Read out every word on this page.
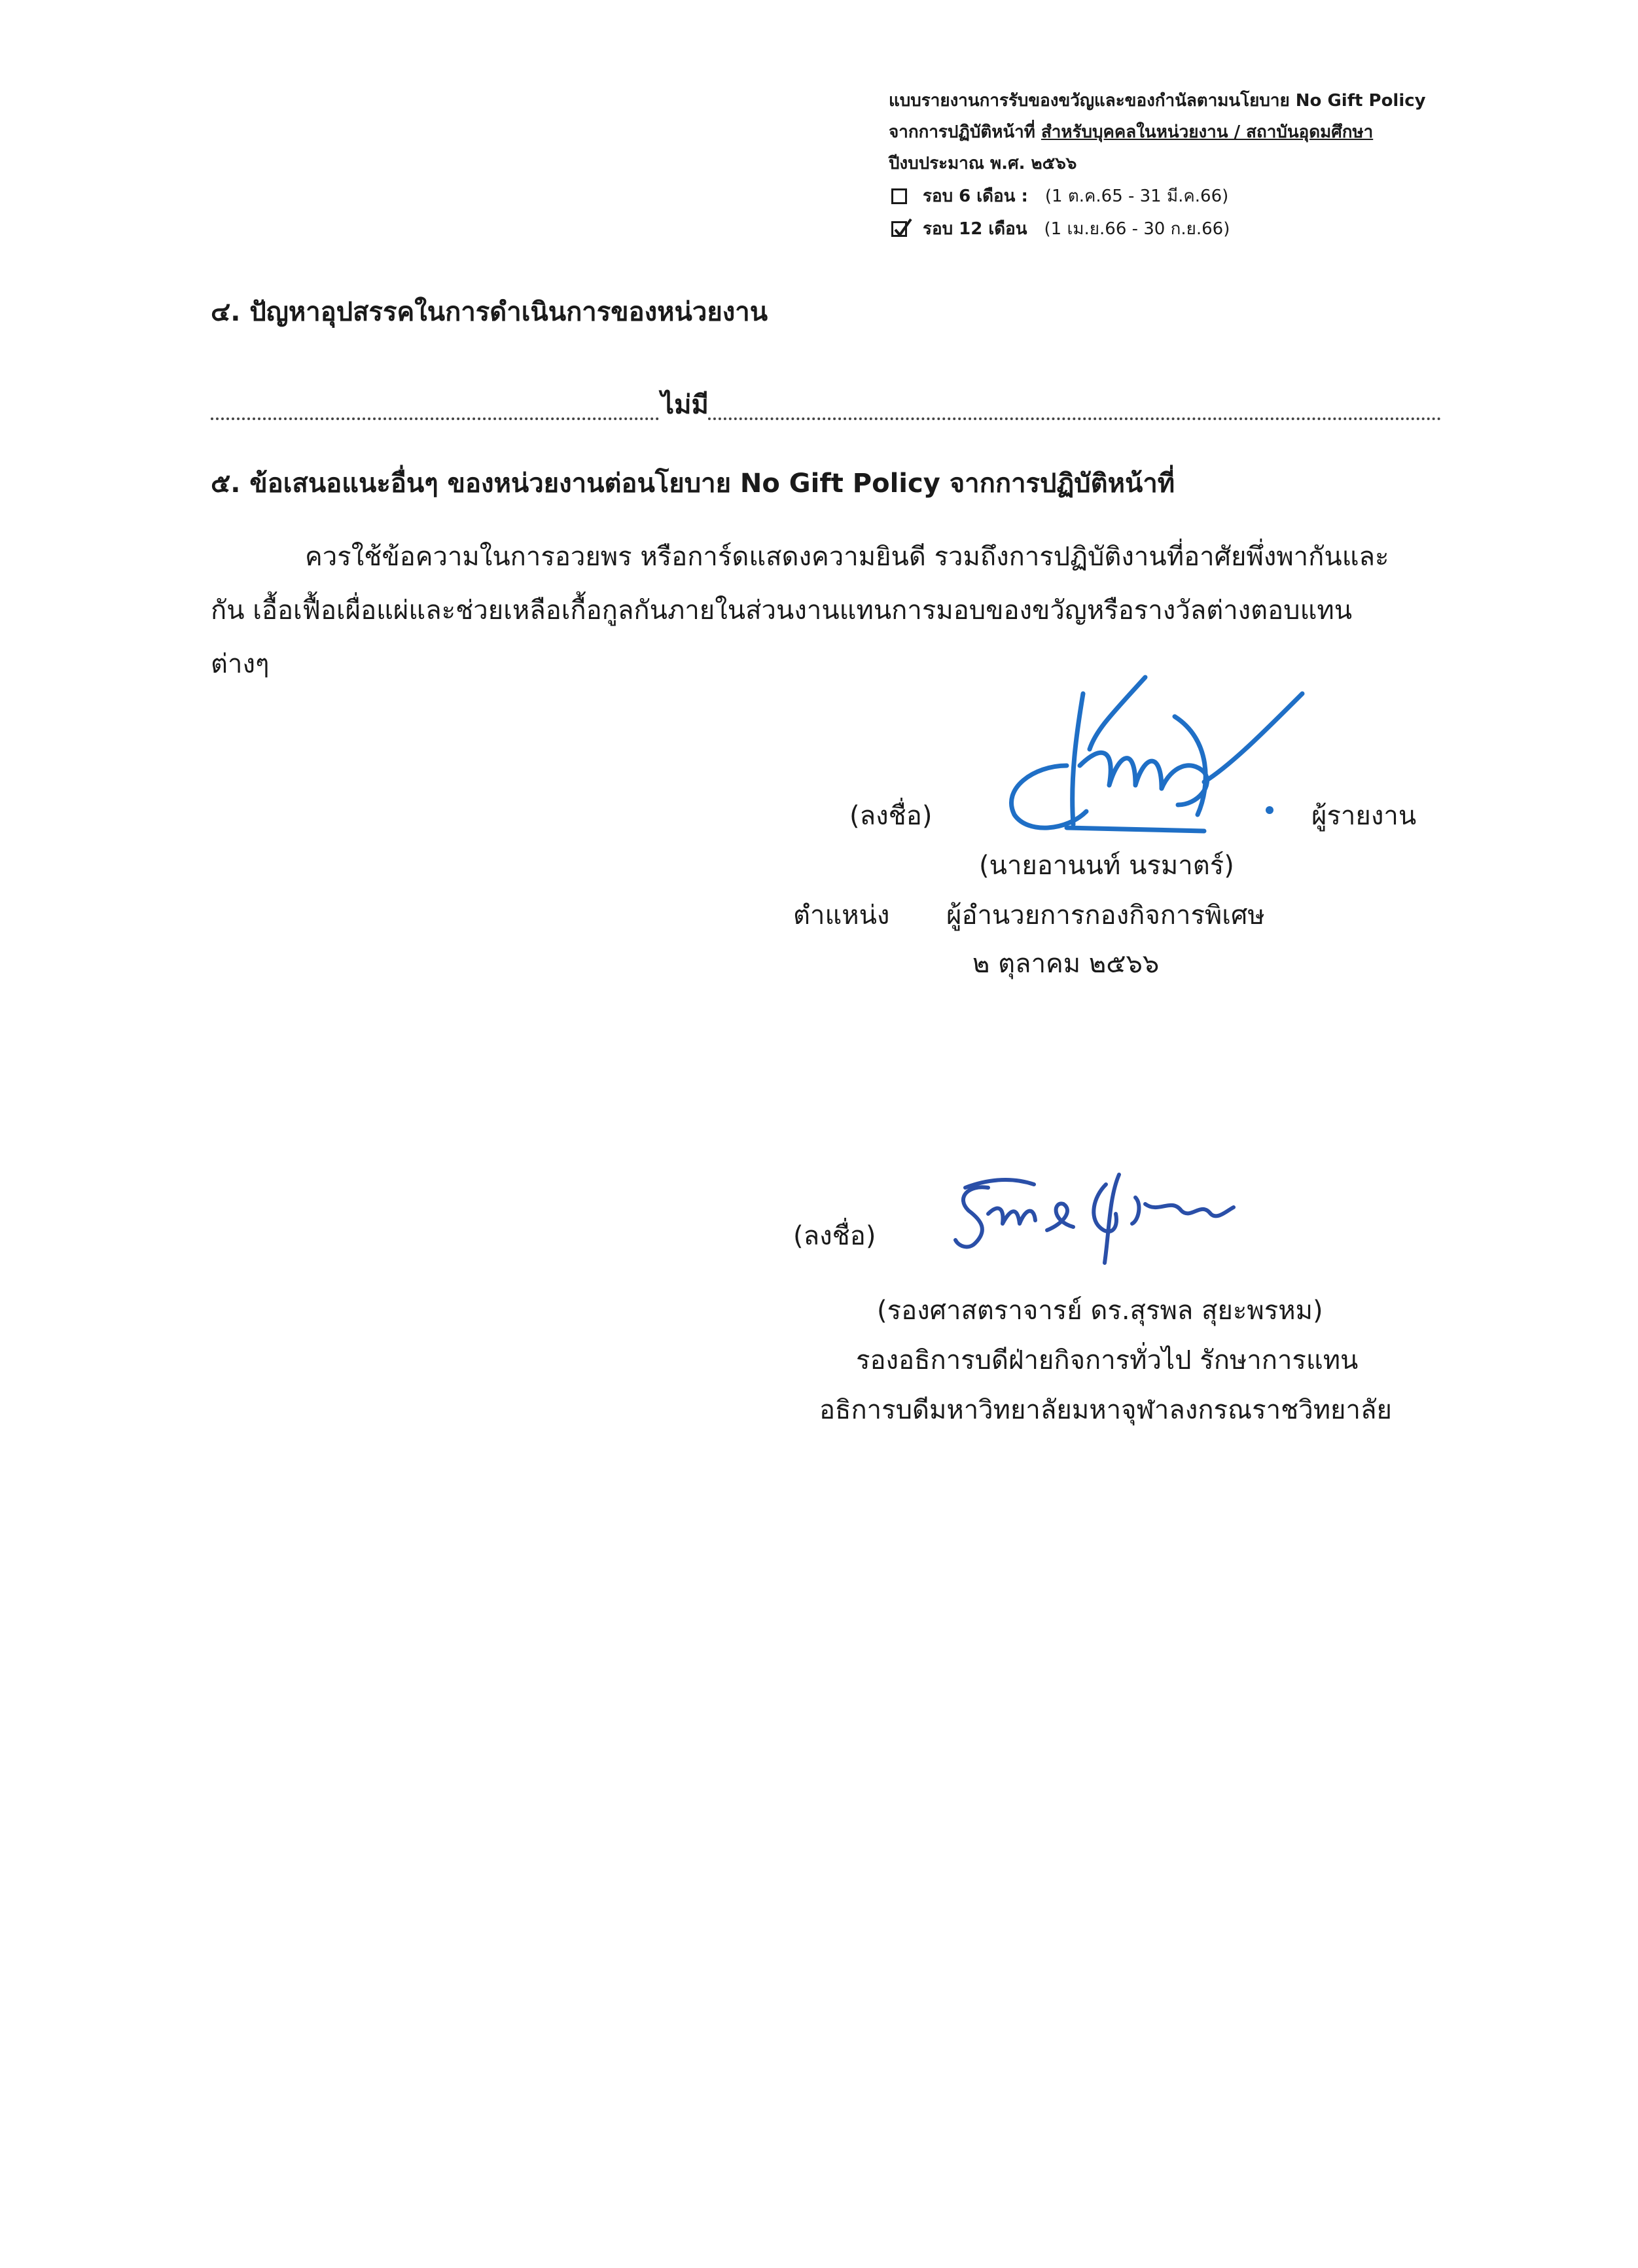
แบบรายงานการรับของขวัญและของกำนัลตามนโยบาย No Gift Policy
จากการปฏิบัติหน้าที่ สำหรับบุคคลในหน่วยงาน / สถาบันอุดมศึกษา
ปีงบประมาณ พ.ศ. ๒๕๖๖
รอบ 6 เดือน : (1 ต.ค.65 - 31 มี.ค.66)
รอบ 12 เดือน (1 เม.ย.66 - 30 ก.ย.66)
๔. ปัญหาอุปสรรคในการดำเนินการของหน่วยงาน
ไม่มี
๕. ข้อเสนอแนะอื่นๆ ของหน่วยงานต่อนโยบาย No Gift Policy จากการปฏิบัติหน้าที่
ควรใช้ข้อความในการอวยพร หรือการ์ดแสดงความยินดี รวมถึงการปฏิบัติงานที่อาศัยพึ่งพากันและ
กัน เอื้อเฟื้อเผื่อแผ่และช่วยเหลือเกื้อกูลกันภายในส่วนงานแทนการมอบของขวัญหรือรางวัลต่างตอบแทน
ต่างๆ
(ลงชื่อ)	ผู้รายงาน
(นายอานนท์ นรมาตร์)
ตำแหน่ง ผู้อำนวยการกองกิจการพิเศษ
๒ ตุลาคม ๒๕๖๖
(ลงชื่อ)
(รองศาสตราจารย์ ดร.สุรพล สุยะพรหม)
รองอธิการบดีฝ่ายกิจการทั่วไป รักษาการแทน
อธิการบดีมหาวิทยาลัยมหาจุฬาลงกรณราชวิทยาลัย
